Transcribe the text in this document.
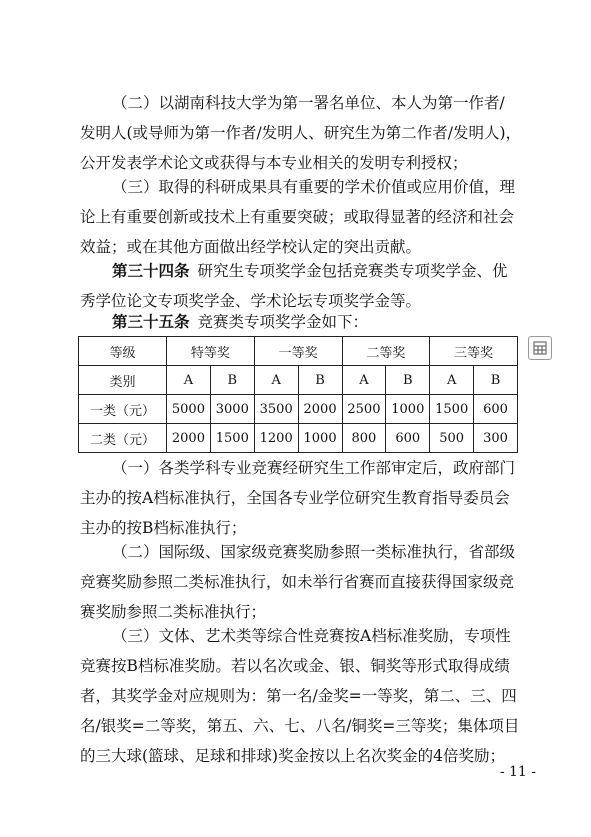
（二）以湖南科技大学为第一署名单位、本人为第一作者/
发明人(或导师为第一作者/发明人、研究生为第二作者/发明人)，
公开发表学术论文或获得与本专业相关的发明专利授权；
（三）取得的科研成果具有重要的学术价值或应用价值，理
论上有重要创新或技术上有重要突破；或取得显著的经济和社会
效益；或在其他方面做出经学校认定的突出贡献。
第三十四条 研究生专项奖学金包括竞赛类专项奖学金、优
秀学位论文专项奖学金、学术论坛专项奖学金等。
第三十五条 竞赛类专项奖学金如下：
等级	特等奖		一等奖		二等奖		三等奖	
类别	A	B	A	B	A	B	A	B
一类（元）	5000	3000	3500	2000	2500	1000	1500	600
二类（元）	2000	1500	1200	1000	800	600	500	300
（一）各类学科专业竞赛经研究生工作部审定后，政府部门
主办的按A档标准执行，全国各专业学位研究生教育指导委员会
主办的按B档标准执行；
（二）国际级、国家级竞赛奖励参照一类标准执行，省部级
竞赛奖励参照二类标准执行，如未举行省赛而直接获得国家级竞
赛奖励参照二类标准执行；
（三）文体、艺术类等综合性竞赛按A档标准奖励，专项性
竞赛按B档标准奖励。若以名次或金、银、铜奖等形式取得成绩
者，其奖学金对应规则为：第一名/金奖=一等奖，第二、三、四
名/银奖=二等奖，第五、六、七、八名/铜奖=三等奖；集体项目
的三大球(篮球、足球和排球)奖金按以上名次奖金的4倍奖励；
- 11 -
